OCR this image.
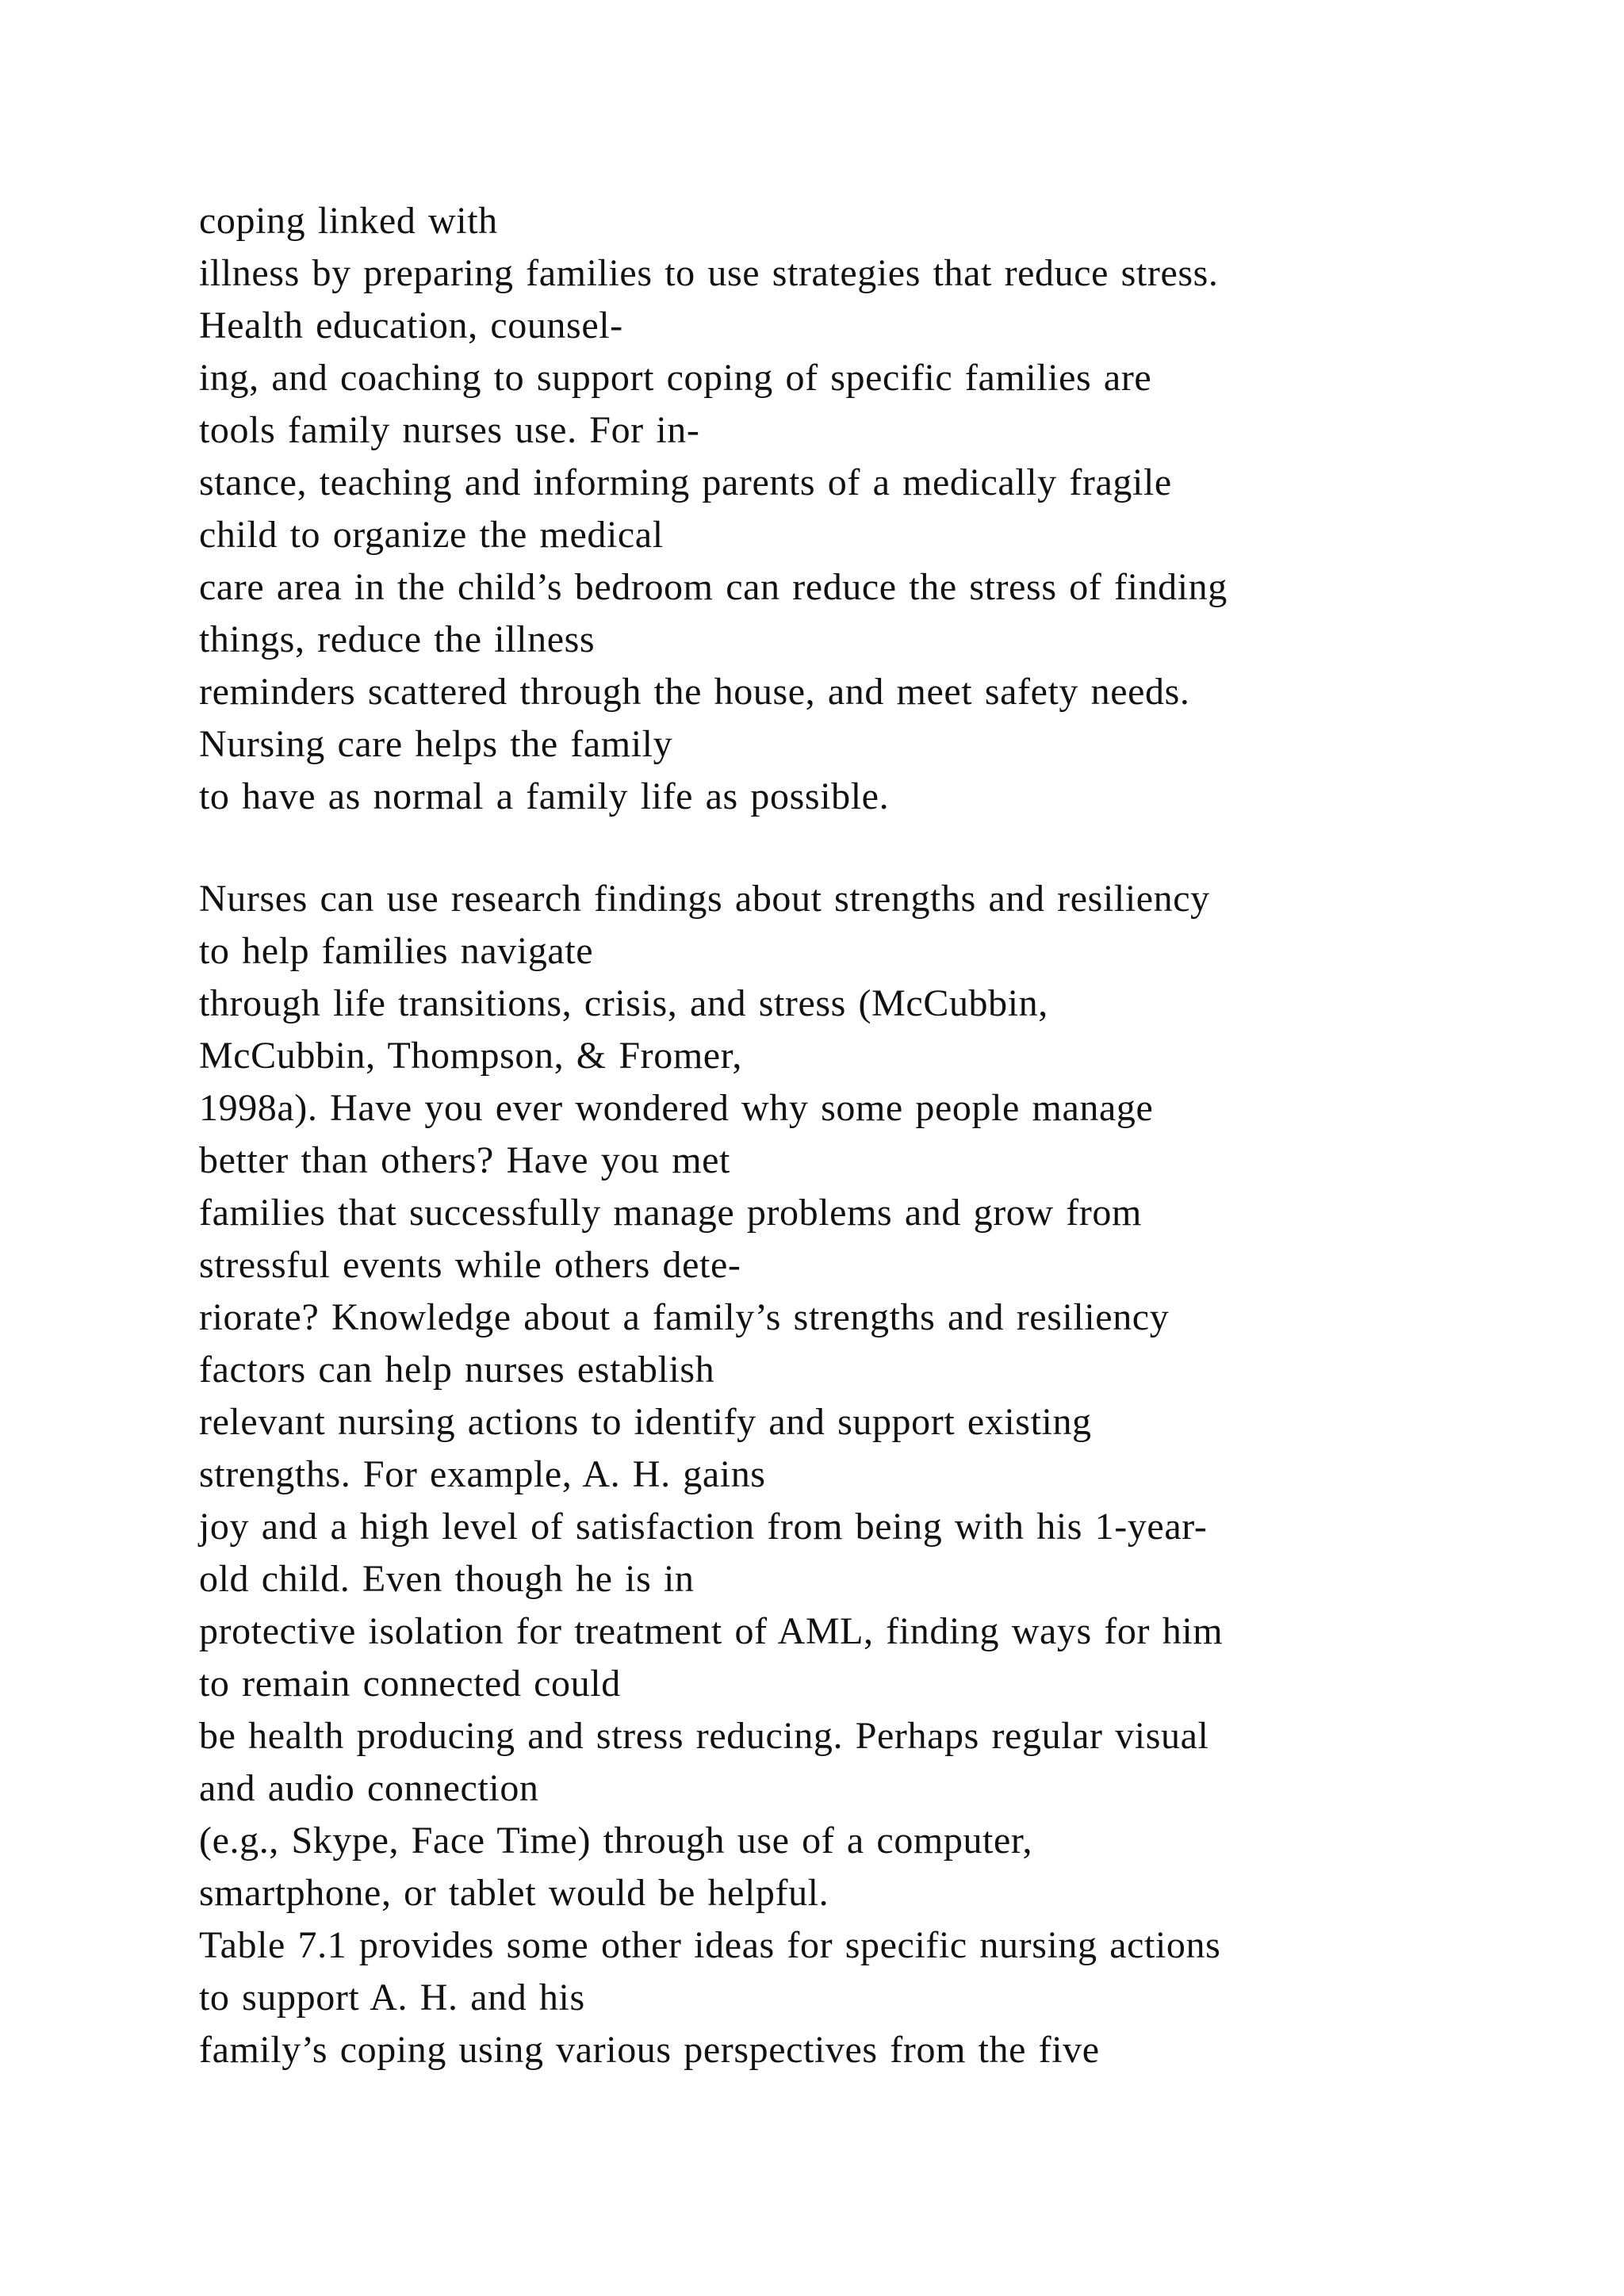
coping linked with
illness by preparing families to use strategies that reduce stress.
Health education, counsel-
ing, and coaching to support coping of specific families are
tools family nurses use. For in-
stance, teaching and informing parents of a medically fragile
child to organize the medical
care area in the child’s bedroom can reduce the stress of finding
things, reduce the illness
reminders scattered through the house, and meet safety needs.
Nursing care helps the family
to have as normal a family life as possible.
Nurses can use research findings about strengths and resiliency
to help families navigate
through life transitions, crisis, and stress (McCubbin,
McCubbin, Thompson, & Fromer,
1998a). Have you ever wondered why some people manage
better than others? Have you met
families that successfully manage problems and grow from
stressful events while others dete-
riorate? Knowledge about a family’s strengths and resiliency
factors can help nurses establish
relevant nursing actions to identify and support existing
strengths. For example, A. H. gains
joy and a high level of satisfaction from being with his 1-year-
old child. Even though he is in
protective isolation for treatment of AML, finding ways for him
to remain connected could
be health producing and stress reducing. Perhaps regular visual
and audio connection
(e.g., Skype, Face Time) through use of a computer,
smartphone, or tablet would be helpful.
Table 7.1 provides some other ideas for specific nursing actions
to support A. H. and his
family’s coping using various perspectives from the five
